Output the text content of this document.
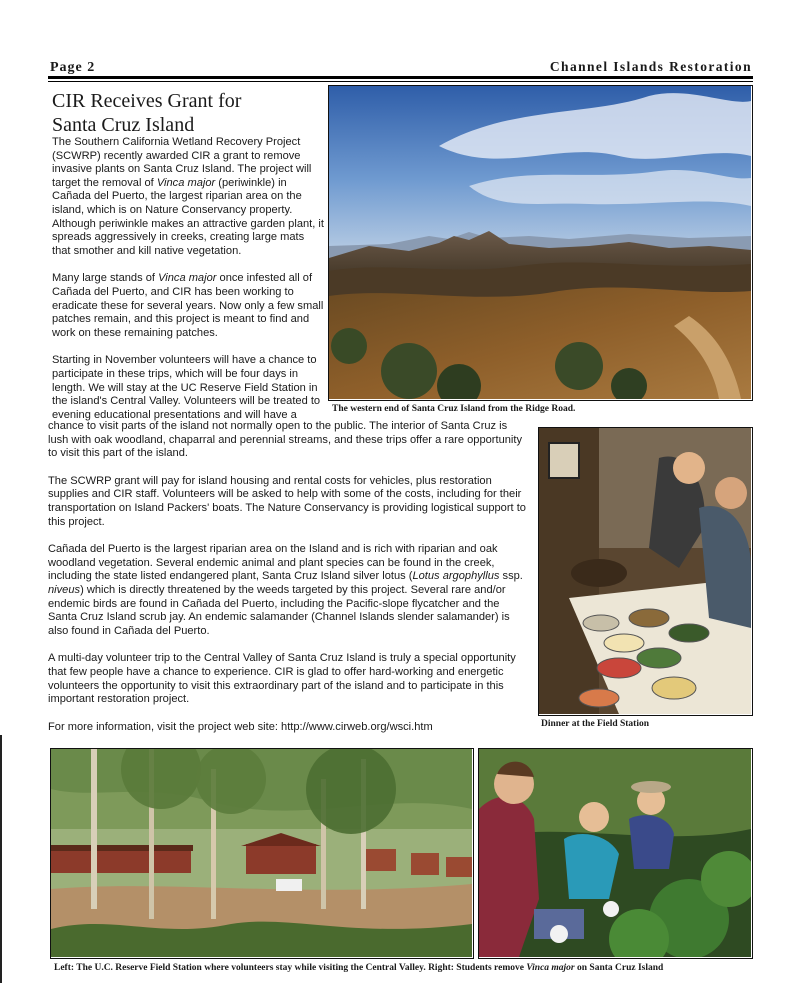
Page 2	Channel Islands Restoration
CIR Receives Grant for
Santa Cruz Island

The Southern California Wetland Recovery Project (SCWRP) recently awarded CIR a grant to remove invasive plants on Santa Cruz Island. The project will target the removal of Vinca major (periwinkle) in Cañada del Puerto, the largest riparian area on the island, which is on Nature Conservancy property. Although periwinkle makes an attractive garden plant, it spreads aggressively in creeks, creating large mats that smother and kill native vegetation.

Many large stands of Vinca major once infested all of Cañada del Puerto, and CIR has been working to eradicate these for several years. Now only a few small patches remain, and this project is meant to find and work on these remaining patches.

Starting in November volunteers will have a chance to participate in these trips, which will be four days in length. We will stay at the UC Reserve Field Station in the island's Central Valley. Volunteers will be treated to evening educational presentations and will have a	The western end of Santa Cruz Island from the Ridge Road.

chance to visit parts of the island not normally open to the public. The interior of Santa Cruz is lush with oak woodland, chaparral and perennial streams, and these trips offer a rare opportunity to visit this part of the island.

The SCWRP grant will pay for island housing and rental costs for vehicles, plus restoration supplies and CIR staff. Volunteers will be asked to help with some of the costs, including for their transportation on Island Packers' boats. The Nature Conservancy is providing logistical support to this project.

Cañada del Puerto is the largest riparian area on the Island and is rich with riparian and oak woodland vegetation. Several endemic animal and plant species can be found in the creek, including the state listed endangered plant, Santa Cruz Island silver lotus (Lotus argophyllus ssp. niveus) which is directly threatened by the weeds targeted by this project. Several rare and/or endemic birds are found in Cañada del Puerto, including the Pacific-slope flycatcher and the Santa Cruz Island scrub jay. An endemic salamander (Channel Islands slender salamander) is also found in Cañada del Puerto.

A multi-day volunteer trip to the Central Valley of Santa Cruz Island is truly a special opportunity that few people have a chance to experience. CIR is glad to offer hard-working and energetic volunteers the opportunity to visit this extraordinary part of the island and to participate in this important restoration project.

For more information, visit the project web site: http://www.cirweb.org/wsci.htm	Dinner at the Field Station
Left: The U.C. Reserve Field Station where volunteers stay while visiting the Central Valley. Right: Students remove Vinca major on Santa Cruz Island
